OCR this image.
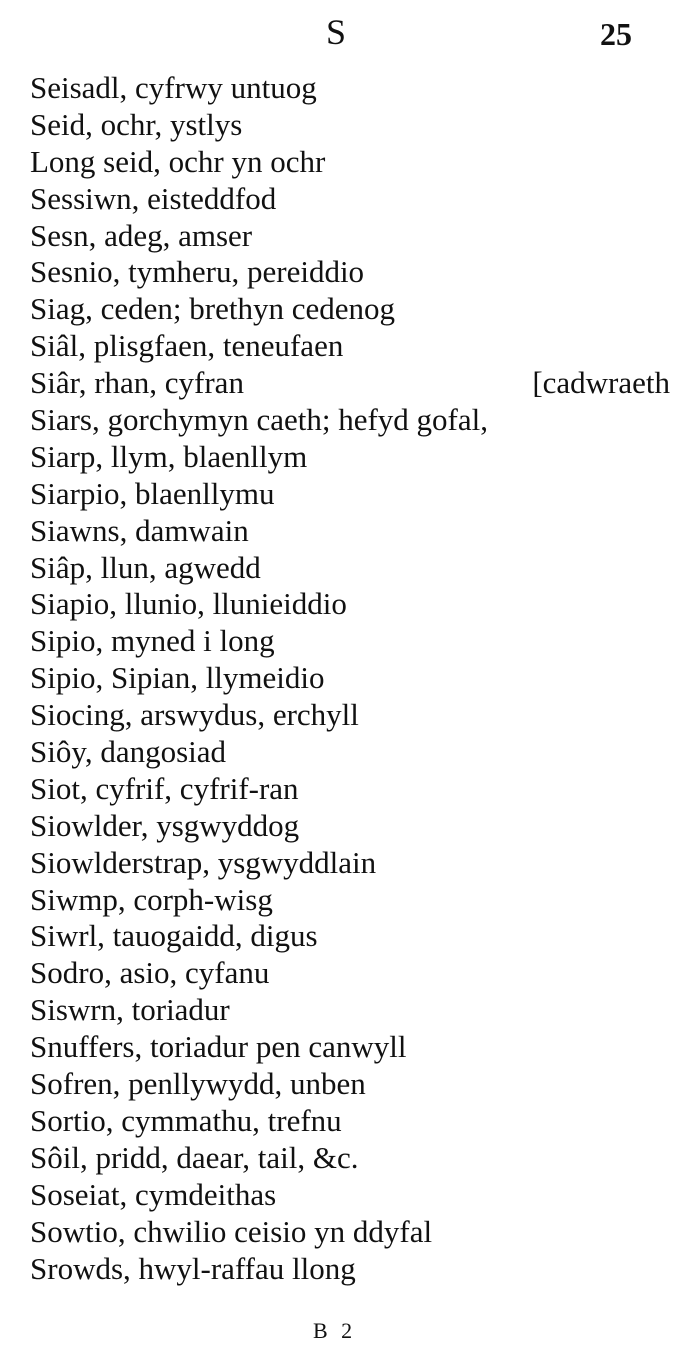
S	25
Seisadl, cyfrwy untuog
Seid, ochr, ystlys
Long seid, ochr yn ochr
Sessiwn, eisteddfod
Sesn, adeg, amser
Sesnio, tymheru, pereiddio
Siag, ceden; brethyn cedenog
Siâl, plisgfaen, teneufaen
Siâr, rhan, cyfran	[cadwraeth
Siars, gorchymyn caeth; hefyd gofal,
Siarp, llym, blaenllym
Siarpio, blaenllymu
Siawns, damwain
Siâp, llun, agwedd
Siapio, llunio, llunieiddio
Sipio, myned i long
Sipio, Sipian, llymeidio
Siocing, arswydus, erchyll
Siôy, dangosiad
Siot, cyfrif, cyfrif-ran
Siowlder, ysgwyddog
Siowlderstrap, ysgwyddlain
Siwmp, corph-wisg
Siwrl, tauogaidd, digus
Sodro, asio, cyfanu
Siswrn, toriadur
Snuffers, toriadur pen canwyll
Sofren, penllywydd, unben
Sortio, cymmathu, trefnu
Sôil, pridd, daear, tail, &c.
Soseiat, cymdeithas
Sowtio, chwilio ceisio yn ddyfal
Srowds, hwyl-raffau llong
B 2
